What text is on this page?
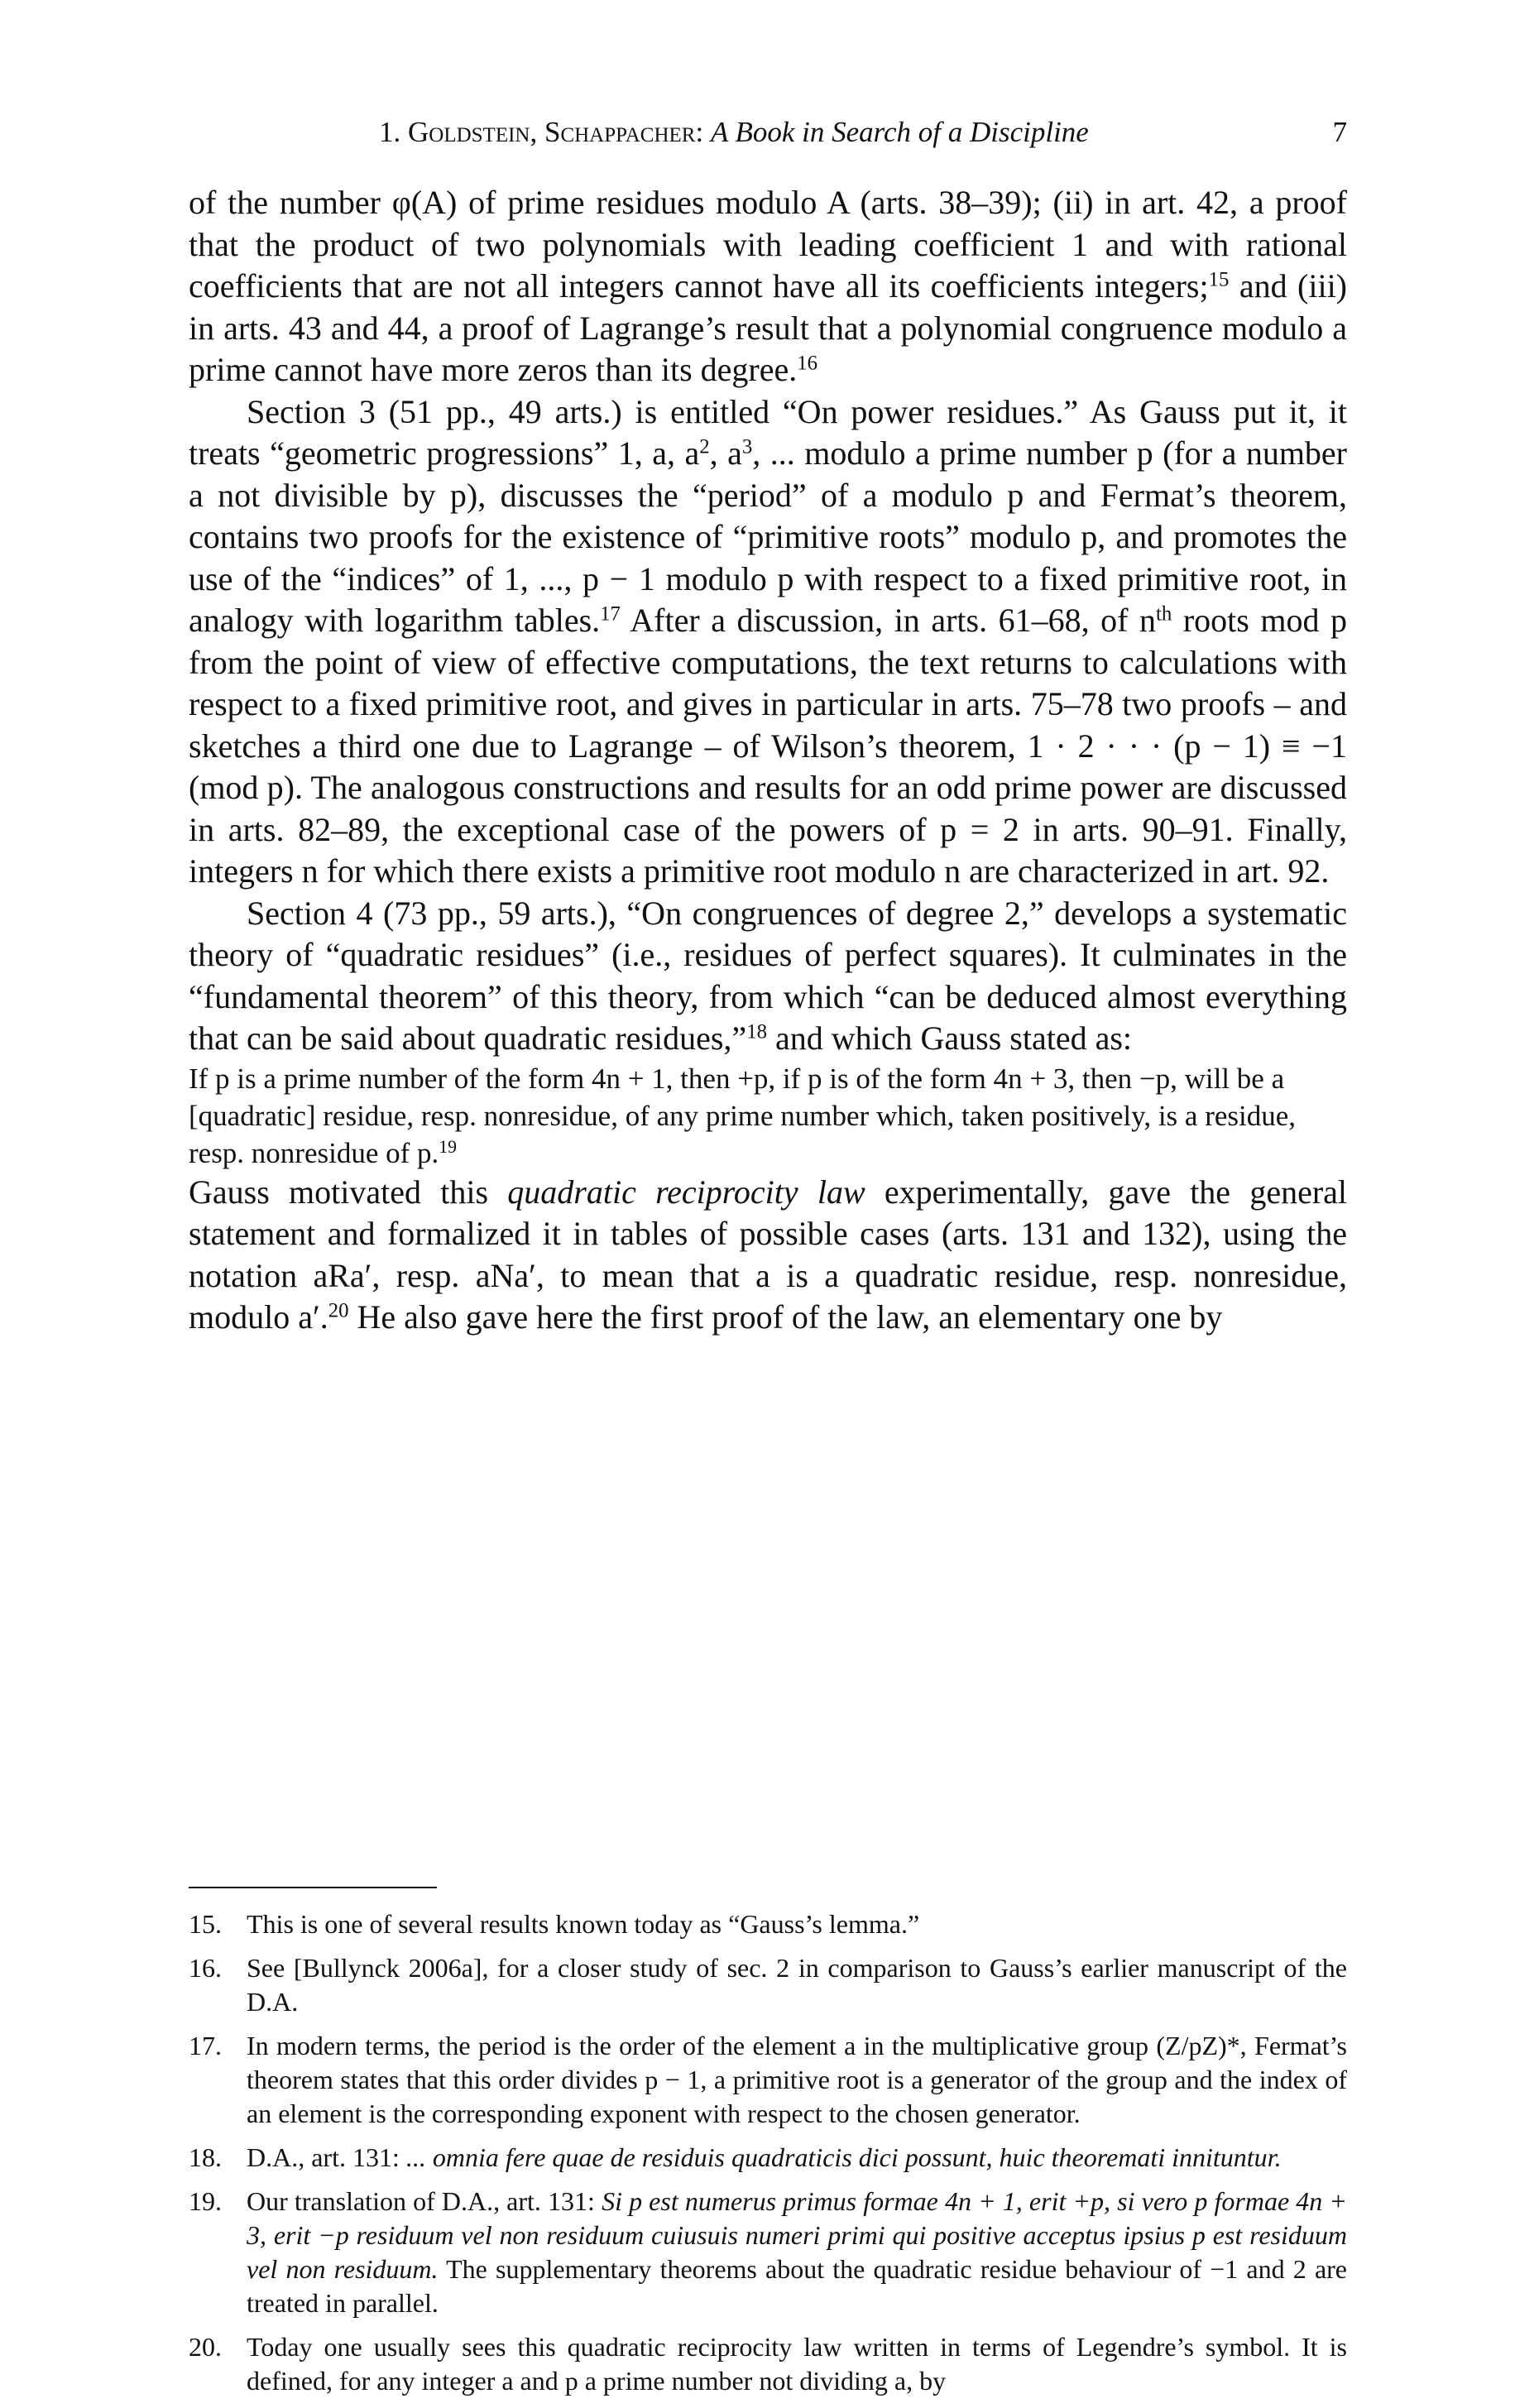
1. Goldstein, Schappacher: A Book in Search of a Discipline	7

of the number φ(A) of prime residues modulo A (arts. 38–39); (ii) in art. 42, a proof that the product of two polynomials with leading coefficient 1 and with rational coefficients that are not all integers cannot have all its coefficients integers;$^{15}$ and (iii) in arts. 43 and 44, a proof of Lagrange’s result that a polynomial congruence modulo a prime cannot have more zeros than its degree.$^{16}$

Section 3 (51 pp., 49 arts.) is entitled “On power residues.” As Gauss put it, it treats “geometric progressions” 1, a, $a^2$, $a^3$, ... modulo a prime number p (for a number a not divisible by p), discusses the “period” of a modulo p and Fermat’s theorem, contains two proofs for the existence of “primitive roots” modulo p, and promotes the use of the “indices” of 1, ..., p − 1 modulo p with respect to a fixed primitive root, in analogy with logarithm tables.$^{17}$ After a discussion, in arts. 61–68, of $n^{th}$ roots mod p from the point of view of effective computations, the text returns to calculations with respect to a fixed primitive root, and gives in particular in arts. 75–78 two proofs – and sketches a third one due to Lagrange – of Wilson’s theorem, 1 · 2 · · · (p − 1) ≡ −1 (mod p). The analogous constructions and results for an odd prime power are discussed in arts. 82–89, the exceptional case of the powers of p = 2 in arts. 90–91. Finally, integers n for which there exists a primitive root modulo n are characterized in art. 92.

Section 4 (73 pp., 59 arts.), “On congruences of degree 2,” develops a systematic theory of “quadratic residues” (i.e., residues of perfect squares). It culminates in the “fundamental theorem” of this theory, from which “can be deduced almost everything that can be said about quadratic residues,”$^{18}$ and which Gauss stated as:

If p is a prime number of the form 4n + 1, then +p, if p is of the form 4n + 3, then −p, will be a [quadratic] residue, resp. nonresidue, of any prime number which, taken positively, is a residue, resp. nonresidue of p.$^{19}$

Gauss motivated this quadratic reciprocity law experimentally, gave the general statement and formalized it in tables of possible cases (arts. 131 and 132), using the notation aRa′, resp. aNa′, to mean that a is a quadratic residue, resp. nonresidue, modulo a′.$^{20}$ He also gave here the first proof of the law, an elementary one by

15. This is one of several results known today as “Gauss’s lemma.”
16. See [Bullynck 2006a], for a closer study of sec. 2 in comparison to Gauss’s earlier manuscript of the D.A.
17. In modern terms, the period is the order of the element a in the multiplicative group (Z/pZ)*, Fermat’s theorem states that this order divides p − 1, a primitive root is a generator of the group and the index of an element is the corresponding exponent with respect to the chosen generator.
18. D.A., art. 131: ... omnia fere quae de residuis quadraticis dici possunt, huic theoremati innituntur.
19. Our translation of D.A., art. 131: Si p est numerus primus formae 4n + 1, erit +p, si vero p formae 4n + 3, erit −p residuum vel non residuum cuiusuis numeri primi qui positive acceptus ipsius p est residuum vel non residuum. The supplementary theorems about the quadratic residue behaviour of −1 and 2 are treated in parallel.
20. Today one usually sees this quadratic reciprocity law written in terms of Legendre’s symbol. It is defined, for any integer a and p a prime number not dividing a, by
